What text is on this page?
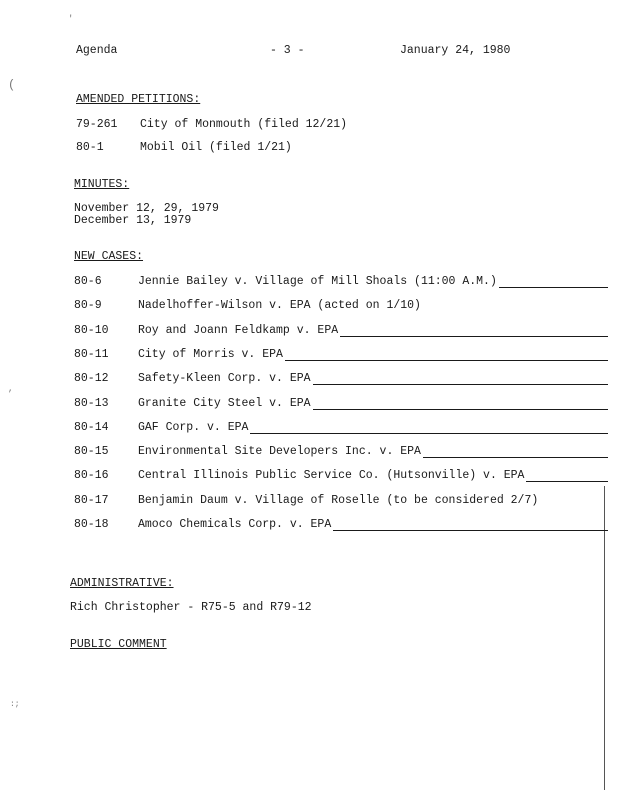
'
(
,
:;
Agenda	- 3 -	January 24, 1980
AMENDED PETITIONS:
79-261 City of Monmouth (filed 12/21)
80-1	Mobil Oil (filed 1/21)
MINUTES:
November 12, 29, 1979
December 13, 1979
NEW CASES:
80-6	Jennie Bailey v. Village of Mill Shoals (11:00 A.M.)
80-9	Nadelhoffer-Wilson v. EPA (acted on 1/10)
80-10	Roy and Joann Feldkamp v. EPA
80-11	City of Morris v. EPA
80-12	Safety-Kleen Corp. v. EPA
80-13	Granite City Steel v. EPA
80-14	GAF Corp. v. EPA
80-15	Environmental Site Developers Inc. v. EPA
80-16	Central Illinois Public Service Co. (Hutsonville) v. EPA
80-17	Benjamin Daum v. Village of Roselle (to be considered 2/7)
80-18	Amoco Chemicals Corp. v. EPA
ADMINISTRATIVE:
Rich Christopher - R75-5 and R79-12
PUBLIC COMMENT
